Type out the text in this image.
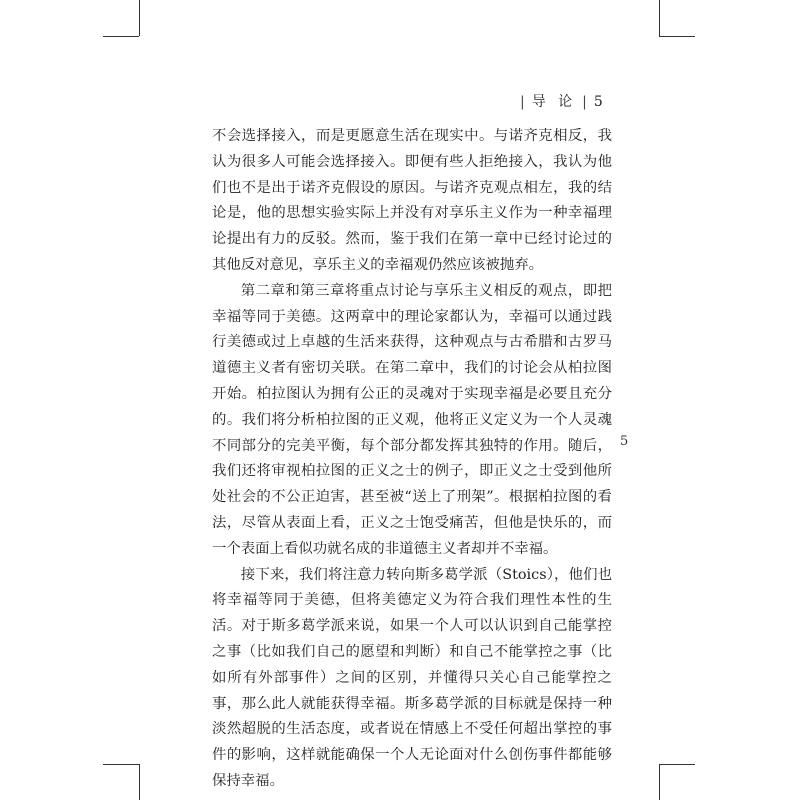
| 导 论 | 5

不会选择接入，而是更愿意生活在现实中。与诺齐克相反，我认为很多人可能会选择接入。即便有些人拒绝接入，我认为他们也不是出于诺齐克假设的原因。与诺齐克观点相左，我的结论是，他的思想实验实际上并没有对享乐主义作为一种幸福理论提出有力的反驳。然而，鉴于我们在第一章中已经讨论过的其他反对意见，享乐主义的幸福观仍然应该被抛弃。

第二章和第三章将重点讨论与享乐主义相反的观点，即把幸福等同于美德。这两章中的理论家都认为，幸福可以通过践行美德或过上卓越的生活来获得，这种观点与古希腊和古罗马道德主义者有密切关联。在第二章中，我们的讨论会从柏拉图开始。柏拉图认为拥有公正的灵魂对于实现幸福是必要且充分的。我们将分析柏拉图的正义观，他将正义定义为一个人灵魂不同部分的完美平衡，每个部分都发挥其独特的作用。随后，我们还将审视柏拉图的正义之士的例子，即正义之士受到他所处社会的不公正迫害，甚至被“送上了刑架”。根据柏拉图的看法，尽管从表面上看，正义之士饱受痛苦，但他是快乐的，而一个表面上看似功就名成的非道德主义者却并不幸福。

接下来，我们将注意力转向斯多葛学派（Stoics），他们也将幸福等同于美德，但将美德定义为符合我们理性本性的生活。对于斯多葛学派来说，如果一个人可以认识到自己能掌控之事（比如我们自己的愿望和判断）和自己不能掌控之事（比如所有外部事件）之间的区别，并懂得只关心自己能掌控之事，那么此人就能获得幸福。斯多葛学派的目标就是保持一种淡然超脱的生活态度，或者说在情感上不受任何超出掌控的事件的影响，这样就能确保一个人无论面对什么创伤事件都能够保持幸福。

5
